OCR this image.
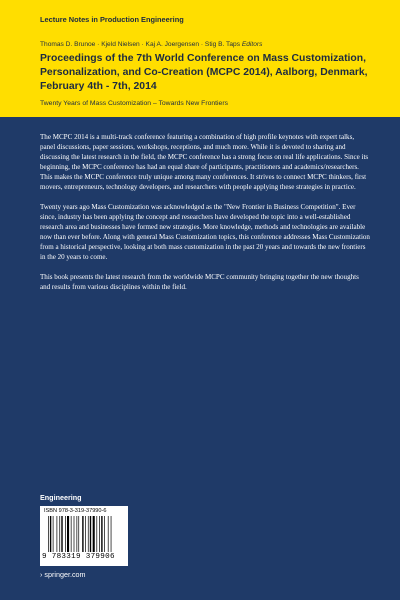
Lecture Notes in Production Engineering
Thomas D. Brunoe · Kjeld Nielsen · Kaj A. Joergensen · Stig B. Taps Editors
Proceedings of the 7th World Conference on Mass Customization, Personalization, and Co-Creation (MCPC 2014), Aalborg, Denmark, February 4th - 7th, 2014
Twenty Years of Mass Customization – Towards New Frontiers

The MCPC 2014 is a multi-track conference featuring a combination of high profile keynotes with expert talks, panel discussions, paper sessions, workshops, receptions, and much more. While it is devoted to sharing and discussing the latest research in the field, the MCPC conference has a strong focus on real life applications. Since its beginning, the MCPC conference has had an equal share of participants, practitioners and academics/researchers. This makes the MCPC conference truly unique among many conferences. It strives to connect MCPC thinkers, first movers, entrepreneurs, technology developers, and researchers with people applying these strategies in practice.

Twenty years ago Mass Customization was acknowledged as the "New Frontier in Business Competition". Ever since, industry has been applying the concept and researchers have developed the topic into a well-established research area and businesses have formed new strategies. More knowledge, methods and technologies are available now than ever before. Along with general Mass Customization topics, this conference addresses Mass Customization from a historical perspective, looking at both mass customization in the past 20 years and towards the new frontiers in the 20 years to come.

This book presents the latest research from the worldwide MCPC community bringing together the new thoughts and results from various disciplines within the field.

Engineering
ISBN 978-3-319-37990-6
9 783319 379906
› springer.com
